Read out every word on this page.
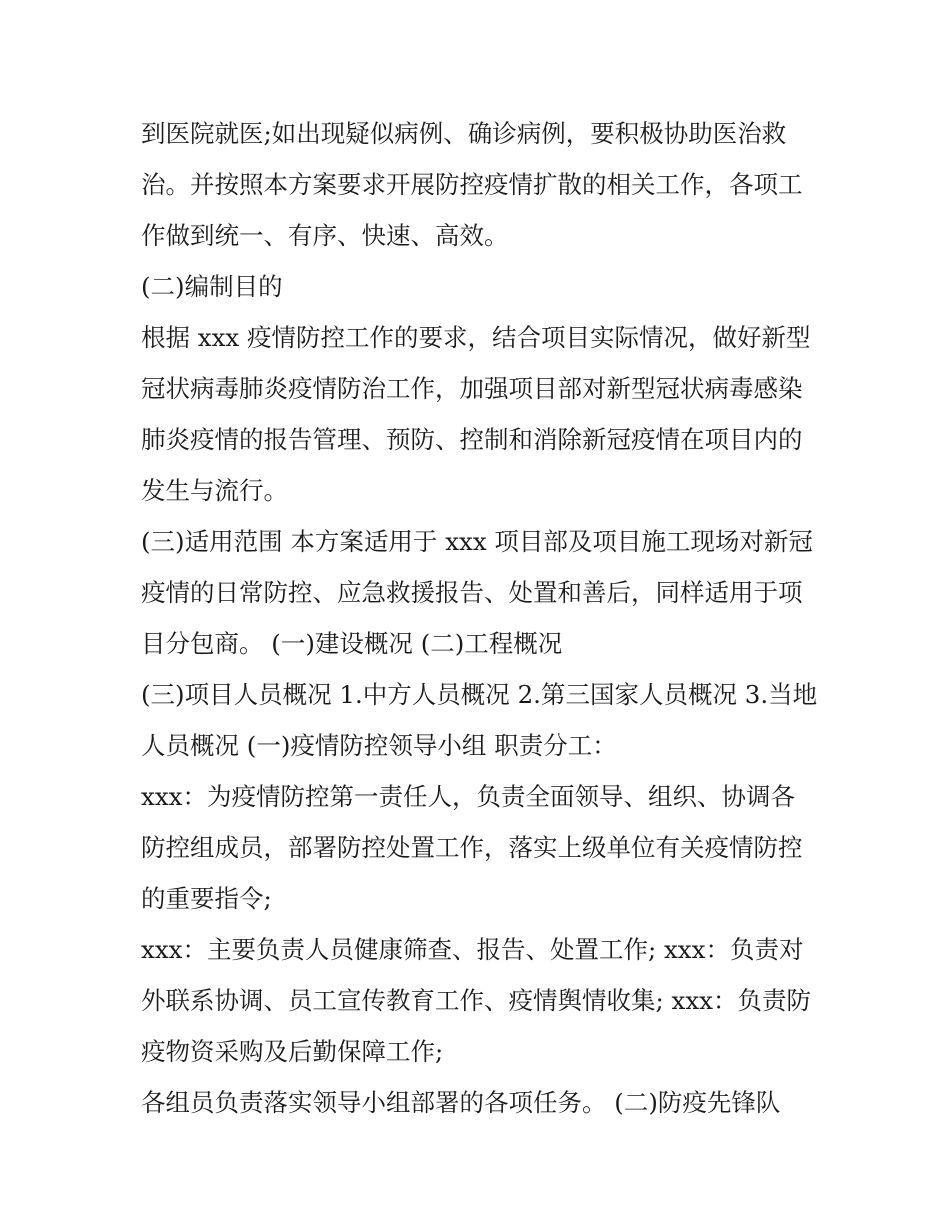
到医院就医;如出现疑似病例、确诊病例，要积极协助医治救
治。并按照本方案要求开展防控疫情扩散的相关工作，各项工
作做到统一、有序、快速、高效。
(二)编制目的
根据 xxx 疫情防控工作的要求，结合项目实际情况，做好新型
冠状病毒肺炎疫情防治工作，加强项目部对新型冠状病毒感染
肺炎疫情的报告管理、预防、控制和消除新冠疫情在项目内的
发生与流行。
(三)适用范围 本方案适用于 xxx 项目部及项目施工现场对新冠
疫情的日常防控、应急救援报告、处置和善后，同样适用于项
目分包商。 (一)建设概况 (二)工程概况
(三)项目人员概况 1.中方人员概况 2.第三国家人员概况 3.当地
人员概况 (一)疫情防控领导小组 职责分工：
xxx：为疫情防控第一责任人，负责全面领导、组织、协调各
防控组成员，部署防控处置工作，落实上级单位有关疫情防控
的重要指令;
xxx：主要负责人员健康筛查、报告、处置工作; xxx：负责对
外联系协调、员工宣传教育工作、疫情舆情收集; xxx：负责防
疫物资采购及后勤保障工作;
各组员负责落实领导小组部署的各项任务。 (二)防疫先锋队
